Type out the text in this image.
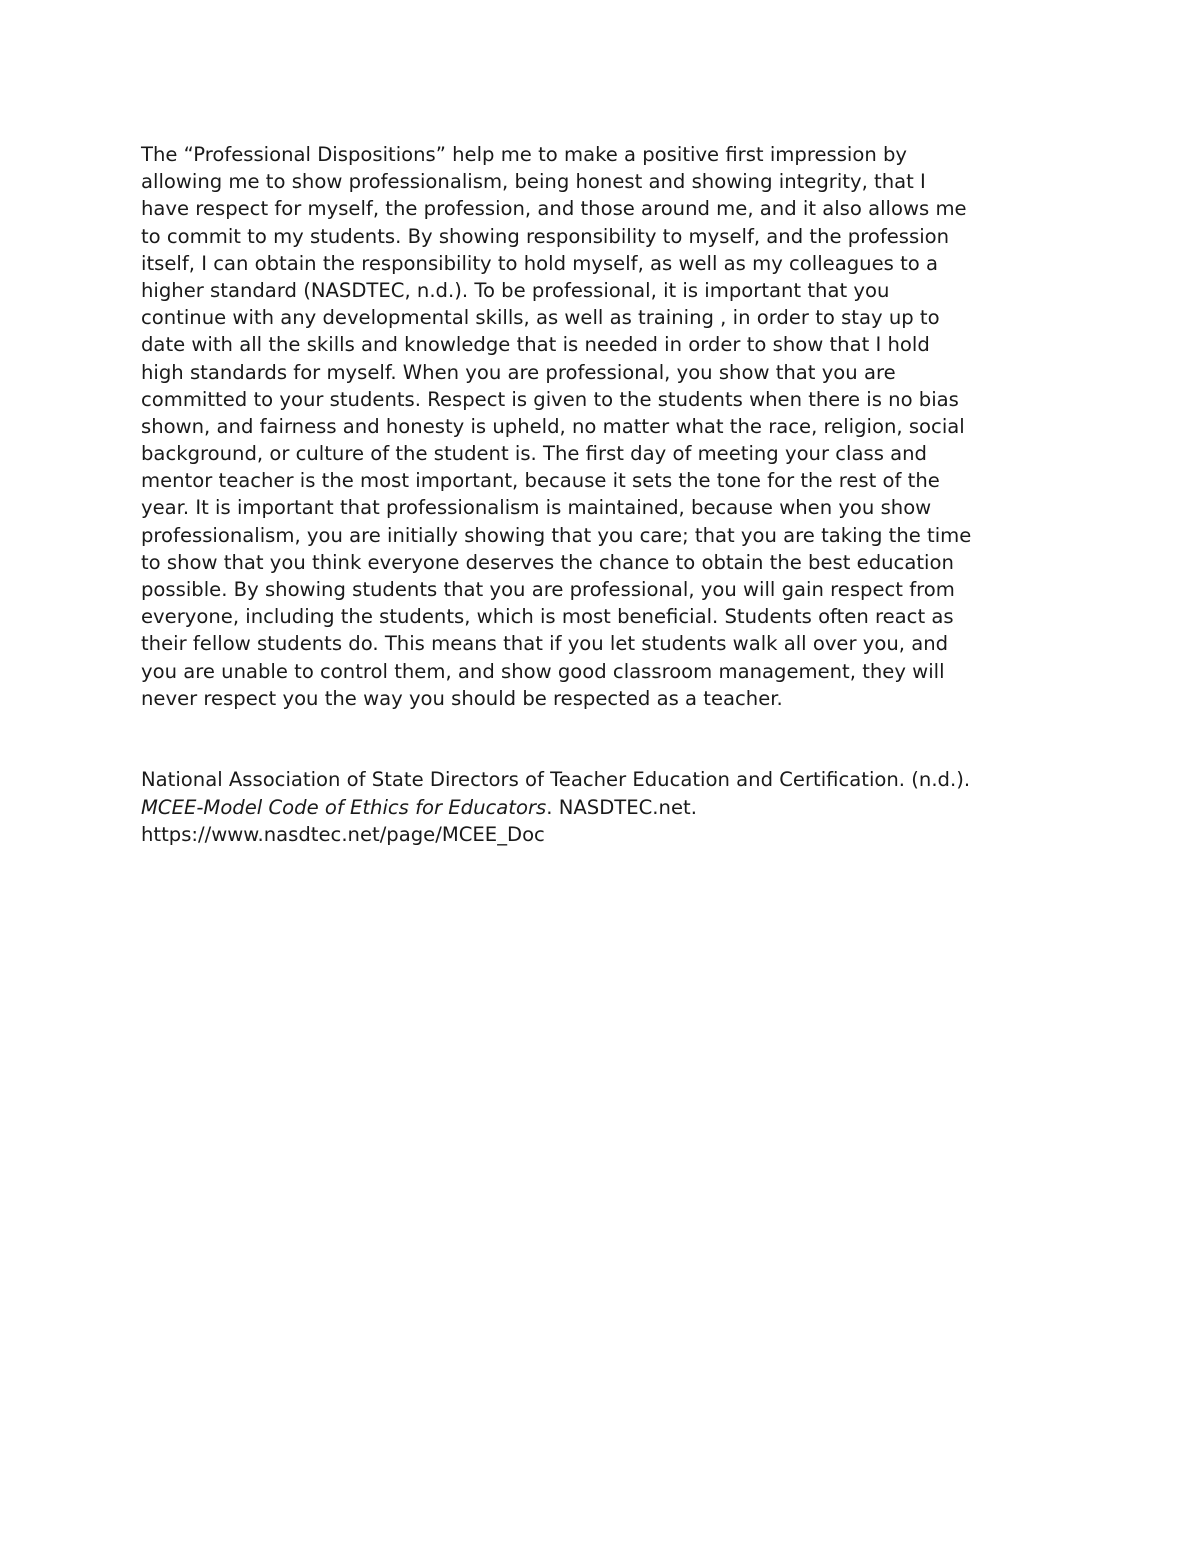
The “Professional Dispositions” help me to make a positive first impression by
allowing me to show professionalism, being honest and showing integrity, that I
have respect for myself, the profession, and those around me, and it also allows me
to commit to my students. By showing responsibility to myself, and the profession
itself, I can obtain the responsibility to hold myself, as well as my colleagues to a
higher standard (NASDTEC, n.d.). To be professional, it is important that you
continue with any developmental skills, as well as training , in order to stay up to
date with all the skills and knowledge that is needed in order to show that I hold
high standards for myself. When you are professional, you show that you are
committed to your students. Respect is given to the students when there is no bias
shown, and fairness and honesty is upheld, no matter what the race, religion, social
background, or culture of the student is. The first day of meeting your class and
mentor teacher is the most important, because it sets the tone for the rest of the
year. It is important that professionalism is maintained, because when you show
professionalism, you are initially showing that you care; that you are taking the time
to show that you think everyone deserves the chance to obtain the best education
possible. By showing students that you are professional, you will gain respect from
everyone, including the students, which is most beneficial. Students often react as
their fellow students do. This means that if you let students walk all over you, and
you are unable to control them, and show good classroom management, they will
never respect you the way you should be respected as a teacher.
National Association of State Directors of Teacher Education and Certification. (n.d.).
MCEE-Model Code of Ethics for Educators. NASDTEC.net.
https://www.nasdtec.net/page/MCEE_Doc
